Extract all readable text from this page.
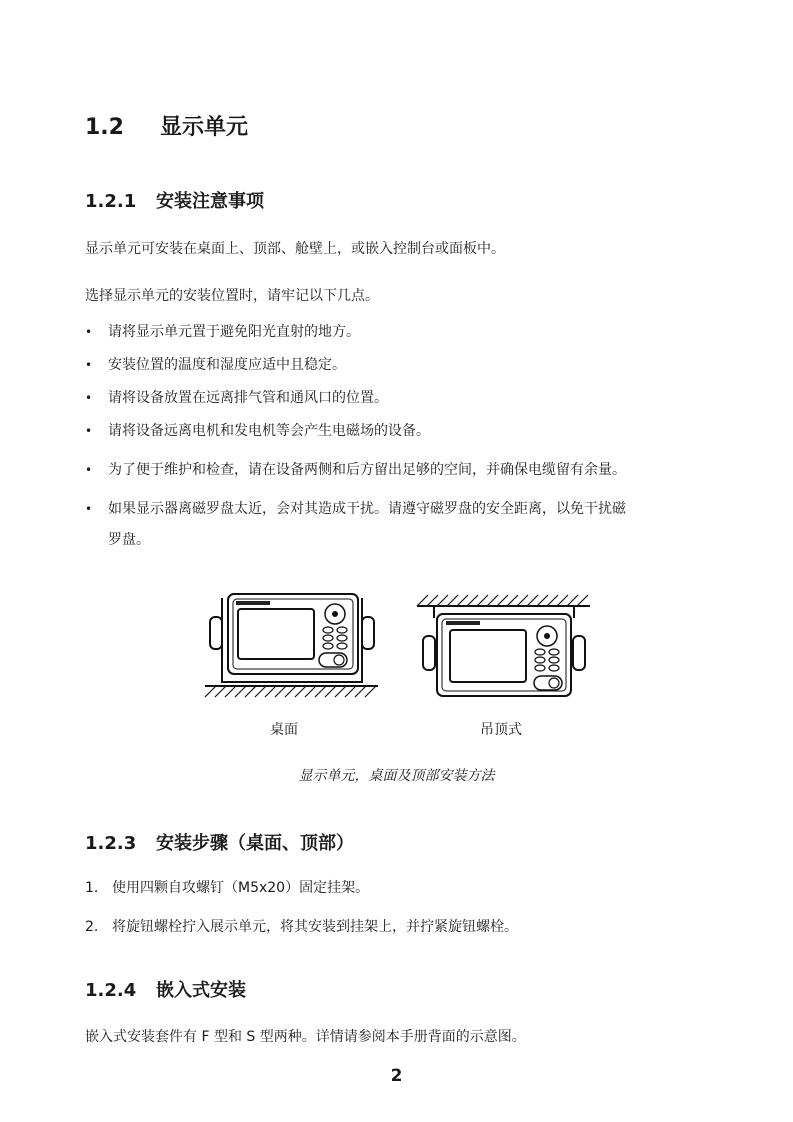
1.2 显示单元
1.2.1 安装注意事项
显示单元可安装在桌面上、顶部、舱壁上，或嵌入控制台或面板中。
选择显示单元的安装位置时，请牢记以下几点。
• 请将显示单元置于避免阳光直射的地方。
• 安装位置的温度和湿度应适中且稳定。
• 请将设备放置在远离排气管和通风口的位置。
• 请将设备远离电机和发电机等会产生电磁场的设备。
• 为了便于维护和检查，请在设备两侧和后方留出足够的空间，并确保电缆留有余量。
• 如果显示器离磁罗盘太近，会对其造成干扰。请遵守磁罗盘的安全距离，以免干扰磁
罗盘。
桌面	吊顶式
显示单元，桌面及顶部安装方法
1.2.3 安装步骤（桌面、顶部）
1. 使用四颗自攻螺钉（M5x20）固定挂架。
2. 将旋钮螺栓拧入展示单元，将其安装到挂架上，并拧紧旋钮螺栓。
1.2.4 嵌入式安装
嵌入式安装套件有 F 型和 S 型两种。详情请参阅本手册背面的示意图。
2
